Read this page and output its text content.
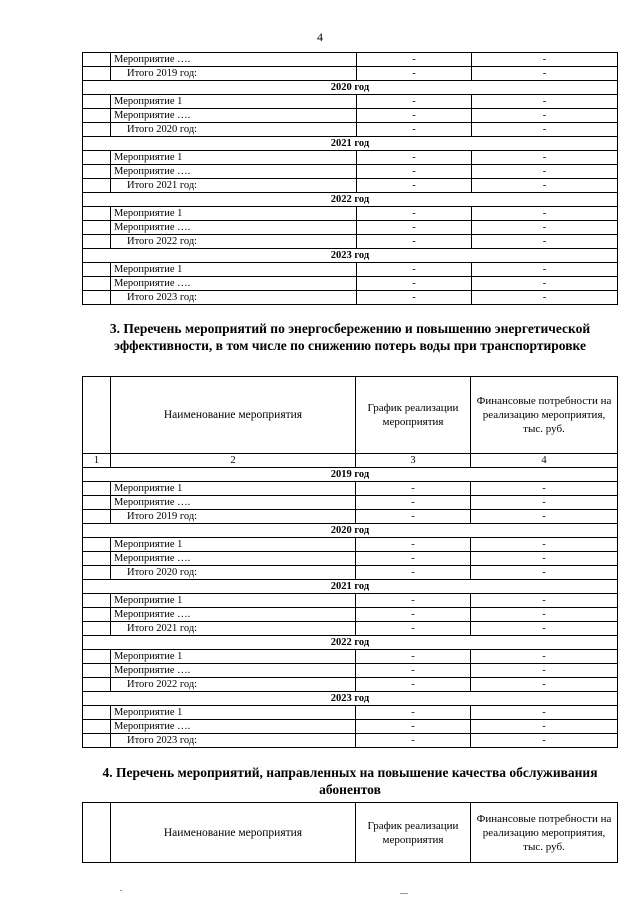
4
	Мероприятие ….	-	-
	Итого 2019 год:	-	-
2020 год			
	Мероприятие 1	-	-
	Мероприятие ….	-	-
	Итого 2020 год:	-	-
2021 год			
	Мероприятие 1	-	-
	Мероприятие ….	-	-
	Итого 2021 год:	-	-
2022 год			
	Мероприятие 1	-	-
	Мероприятие ….	-	-
	Итого 2022 год:	-	-
2023 год			
	Мероприятие 1	-	-
	Мероприятие ….	-	-
	Итого 2023 год:	-	-
3. Перечень мероприятий по энергосбережению и повышению энергетической эффективности, в том числе по снижению потерь воды при транспортировке
	Наименование мероприятия	График реализации мероприятия	Финансовые потребности на реализацию мероприятия, тыс. руб.
1	2	3	4
2019 год			
	Мероприятие 1	-	-
	Мероприятие ….	-	-
	Итого 2019 год:	-	-
2020 год			
	Мероприятие 1	-	-
	Мероприятие ….	-	-
	Итого 2020 год:	-	-
2021 год			
	Мероприятие 1	-	-
	Мероприятие ….	-	-
	Итого 2021 год:	-	-
2022 год			
	Мероприятие 1	-	-
	Мероприятие ….	-	-
	Итого 2022 год:	-	-
2023 год			
	Мероприятие 1	-	-
	Мероприятие ….	-	-
	Итого 2023 год:	-	-
4. Перечень мероприятий, направленных на повышение качества обслуживания абонентов
	Наименование мероприятия	График реализации мероприятия	Финансовые потребности на реализацию мероприятия, тыс. руб.
